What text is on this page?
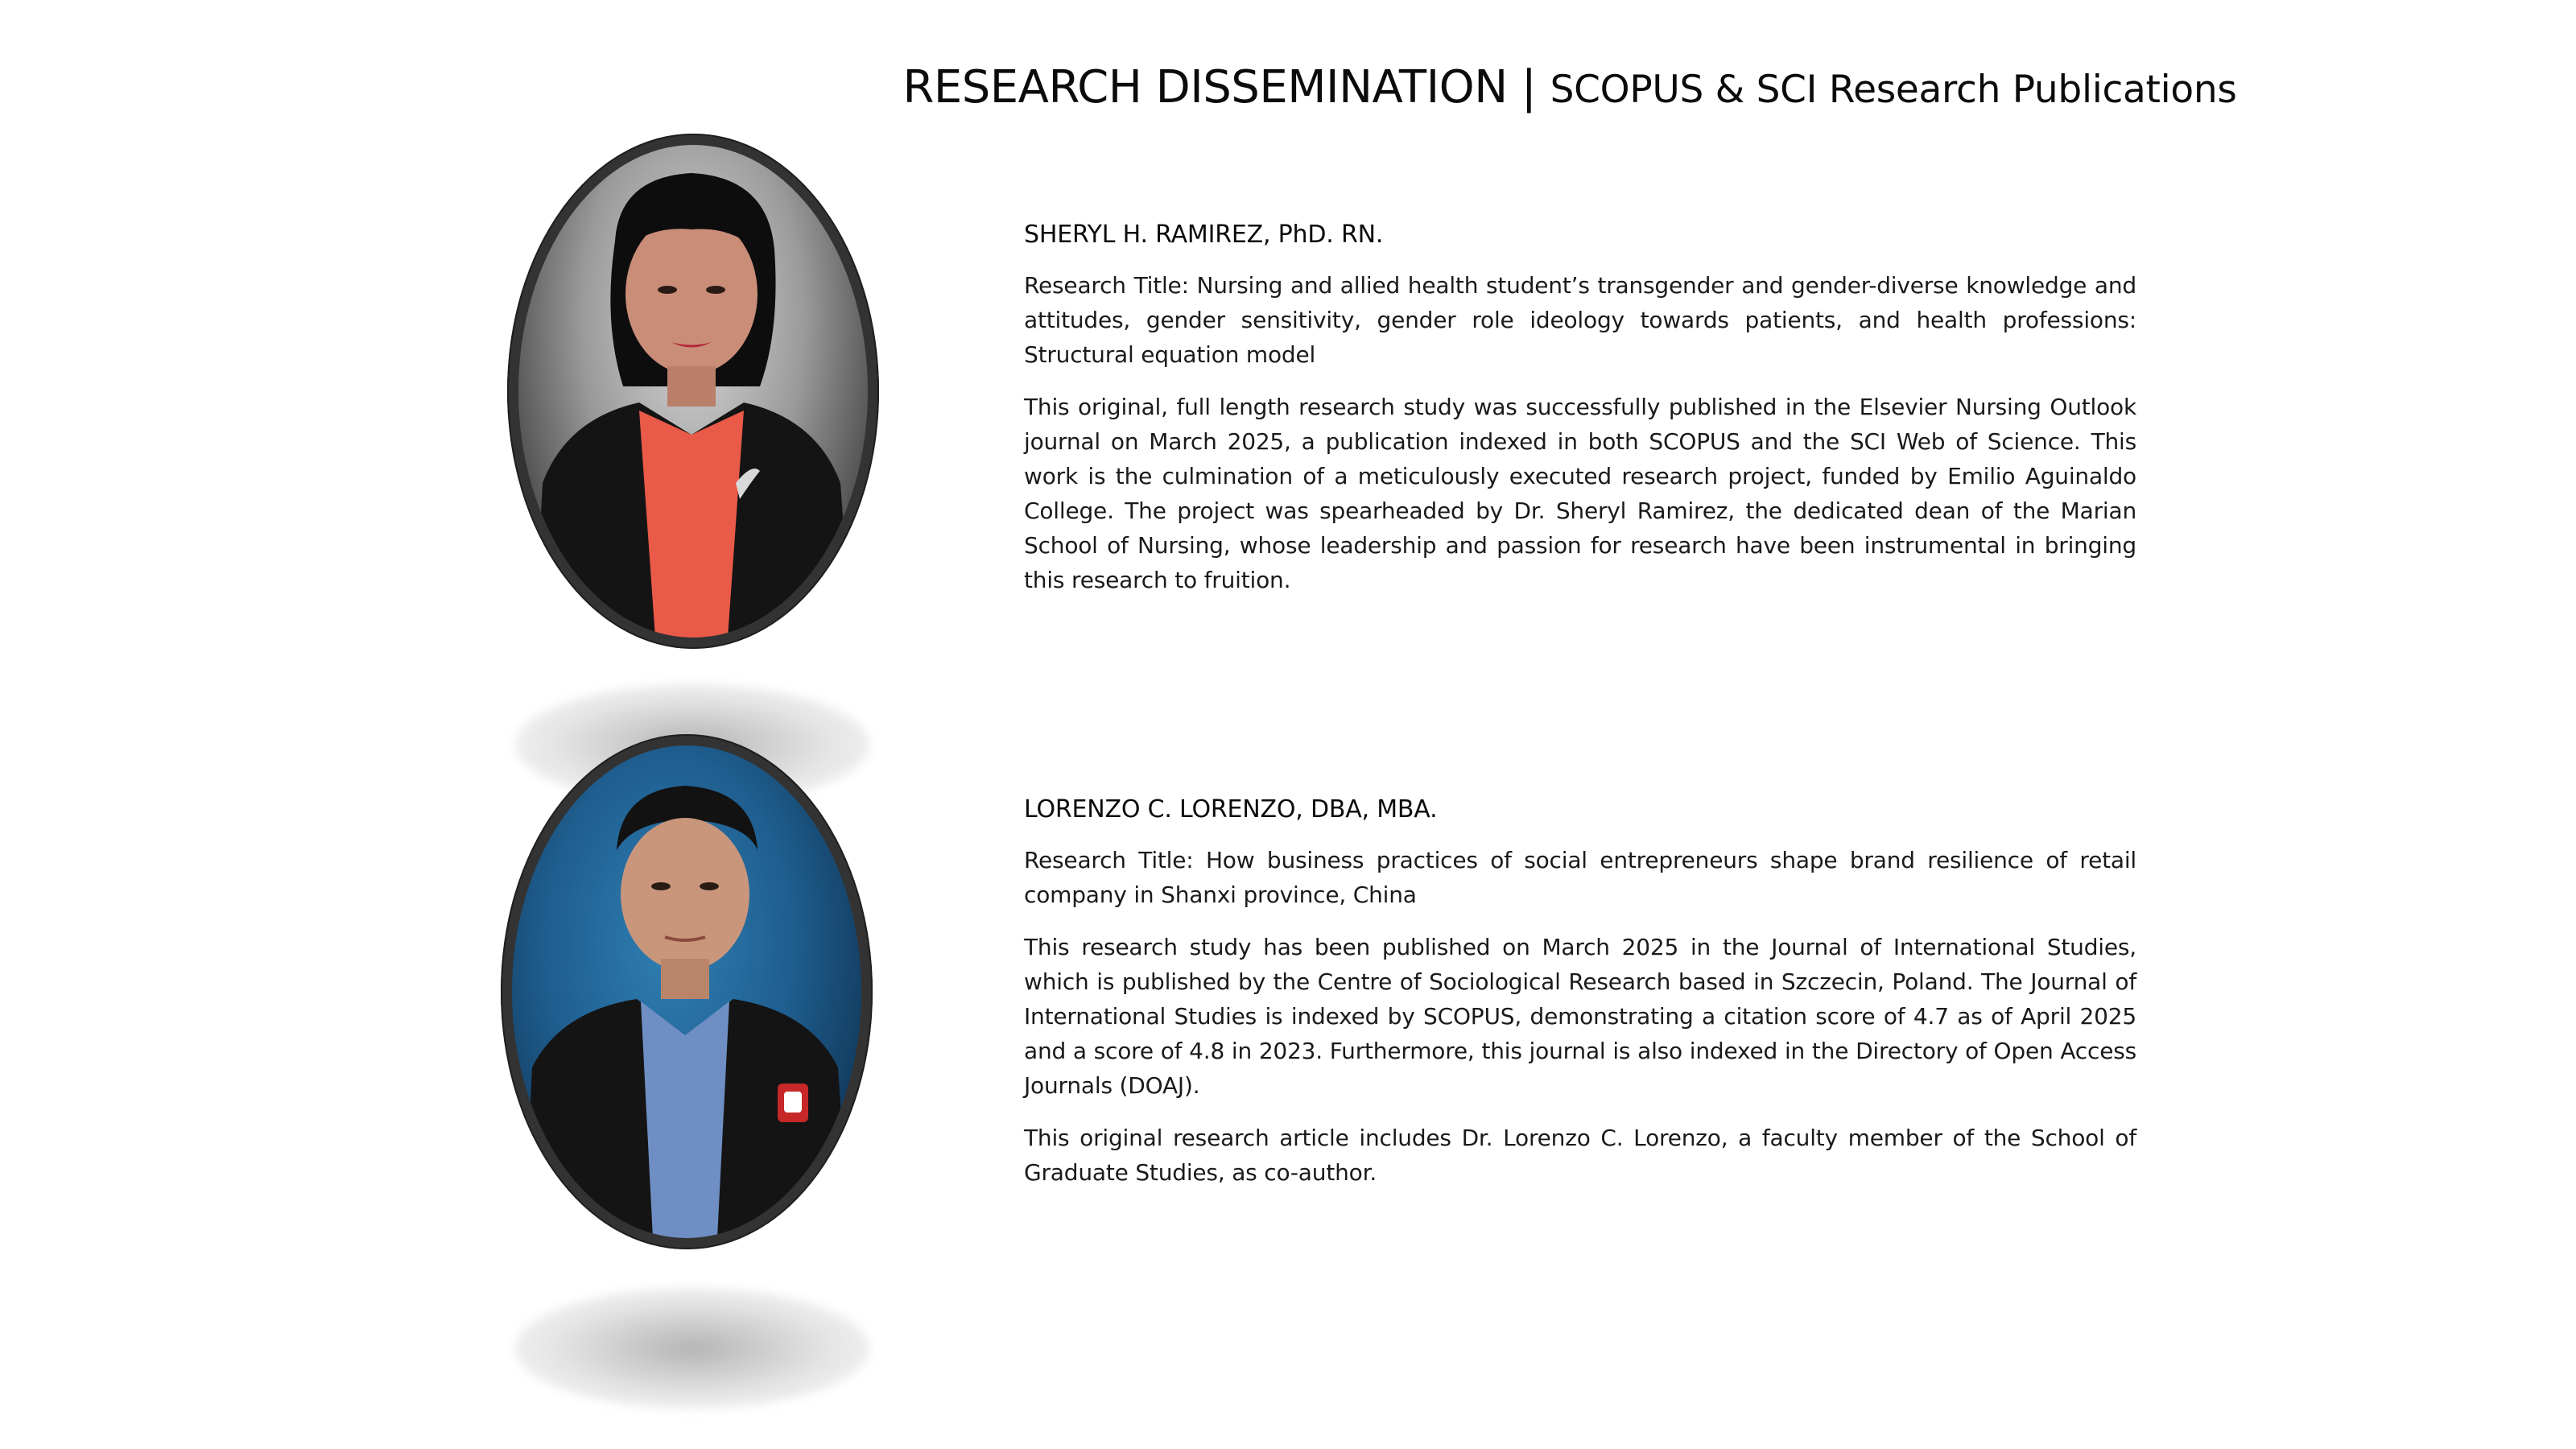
RESEARCH DISSEMINATION | SCOPUS & SCI Research Publications
SHERYL H. RAMIREZ, PhD. RN.

Research Title: Nursing and allied health student’s transgender and gender-diverse knowledge and attitudes, gender sensitivity, gender role ideology towards patients, and health professions: Structural equation model

This original, full length research study was successfully published in the Elsevier Nursing Outlook journal on March 2025, a publication indexed in both SCOPUS and the SCI Web of Science. This work is the culmination of a meticulously executed research project, funded by Emilio Aguinaldo College. The project was spearheaded by Dr. Sheryl Ramirez, the dedicated dean of the Marian School of Nursing, whose leadership and passion for research have been instrumental in bringing this research to fruition.

LORENZO C. LORENZO, DBA, MBA.

Research Title: How business practices of social entrepreneurs shape brand resilience of retail company in Shanxi province, China

This research study has been published on March 2025 in the Journal of International Studies, which is published by the Centre of Sociological Research based in Szczecin, Poland. The Journal of International Studies is indexed by SCOPUS, demonstrating a citation score of 4.7 as of April 2025 and a score of 4.8 in 2023. Furthermore, this journal is also indexed in the Directory of Open Access Journals (DOAJ).

This original research article includes Dr. Lorenzo C. Lorenzo, a faculty member of the School of Graduate Studies, as co-author.
